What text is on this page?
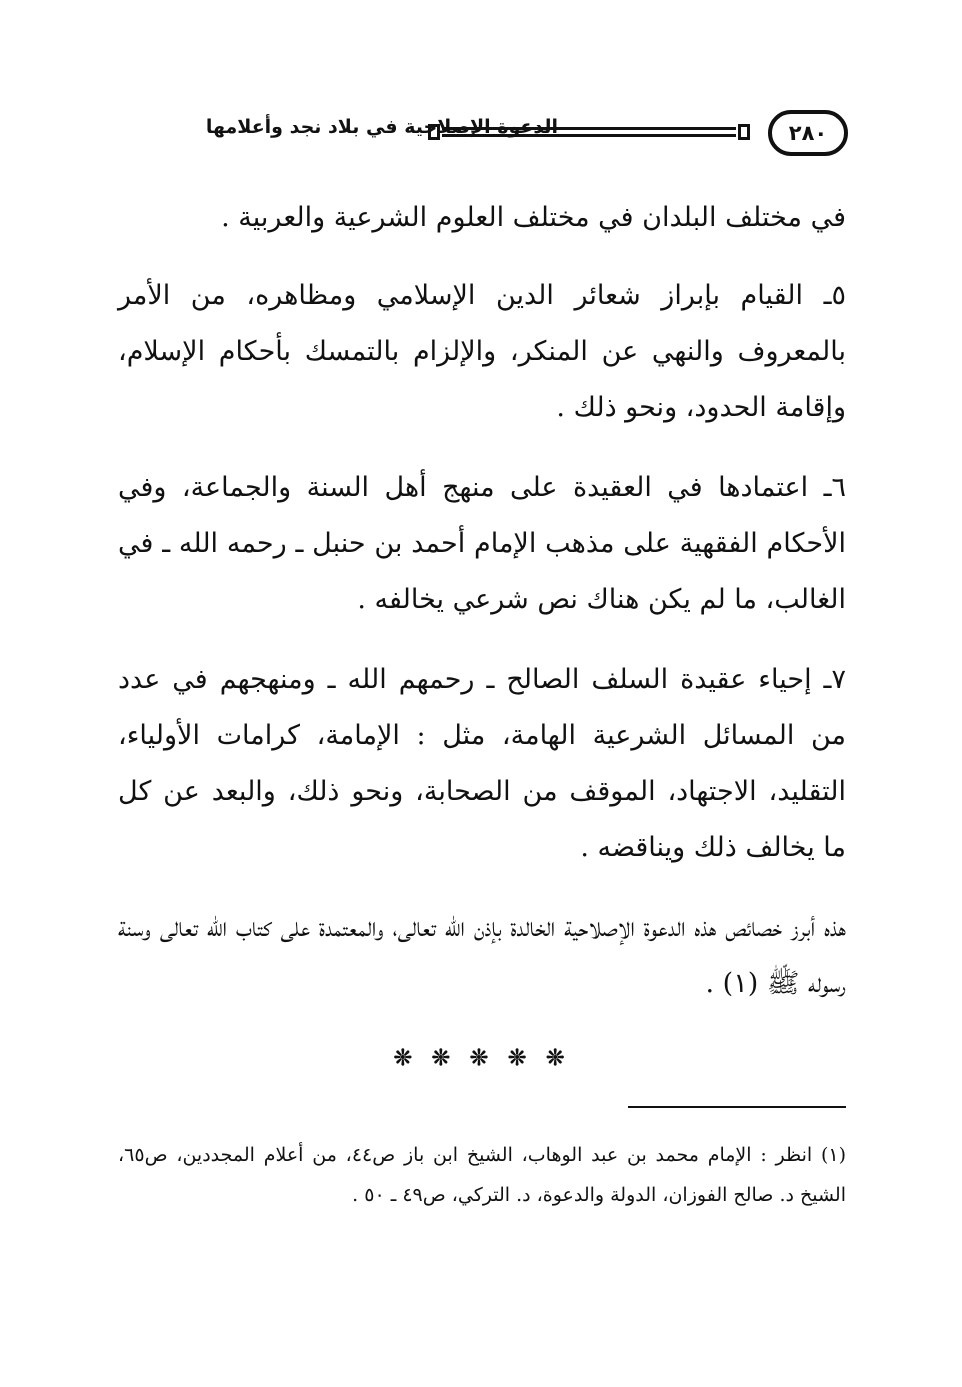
الدعوة الإصلاحية في بلاد نجد وأعلامها	٢٨٠

في مختلف البلدان في مختلف العلوم الشرعية والعربية .

٥ـ القيام بإبراز شعائر الدين الإسلامي ومظاهره، من الأمر بالمعروف والنهي عن المنكر، والإلزام بالتمسك بأحكام الإسلام، وإقامة الحدود، ونحو ذلك .

٦ـ اعتمادها في العقيدة على منهج أهل السنة والجماعة، وفي الأحكام الفقهية على مذهب الإمام أحمد بن حنبل ـ رحمه الله ـ في الغالب، ما لم يكن هناك نص شرعي يخالفه .

٧ـ إحياء عقيدة السلف الصالح ـ رحمهم الله ـ ومنهجهم في عدد من المسائل الشرعية الهامة، مثل : الإمامة، كرامات الأولياء، التقليد، الاجتهاد، الموقف من الصحابة، ونحو ذلك، والبعد عن كل ما يخالف ذلك ويناقضه .

هذه أبرز خصائص هذه الدعوة الإصلاحية الخالدة بإذن الله تعالى، والمعتمدة على كتاب الله تعالى وسنة رسوله ﷺ (١) .

❊ ❊ ❊ ❊ ❊
(١) انظر : الإمام محمد بن عبد الوهاب، الشيخ ابن باز ص٤٤، من أعلام المجددين، ص٦٥، الشيخ د. صالح الفوزان، الدولة والدعوة، د. التركي، ص٤٩ ـ ٥٠ .
